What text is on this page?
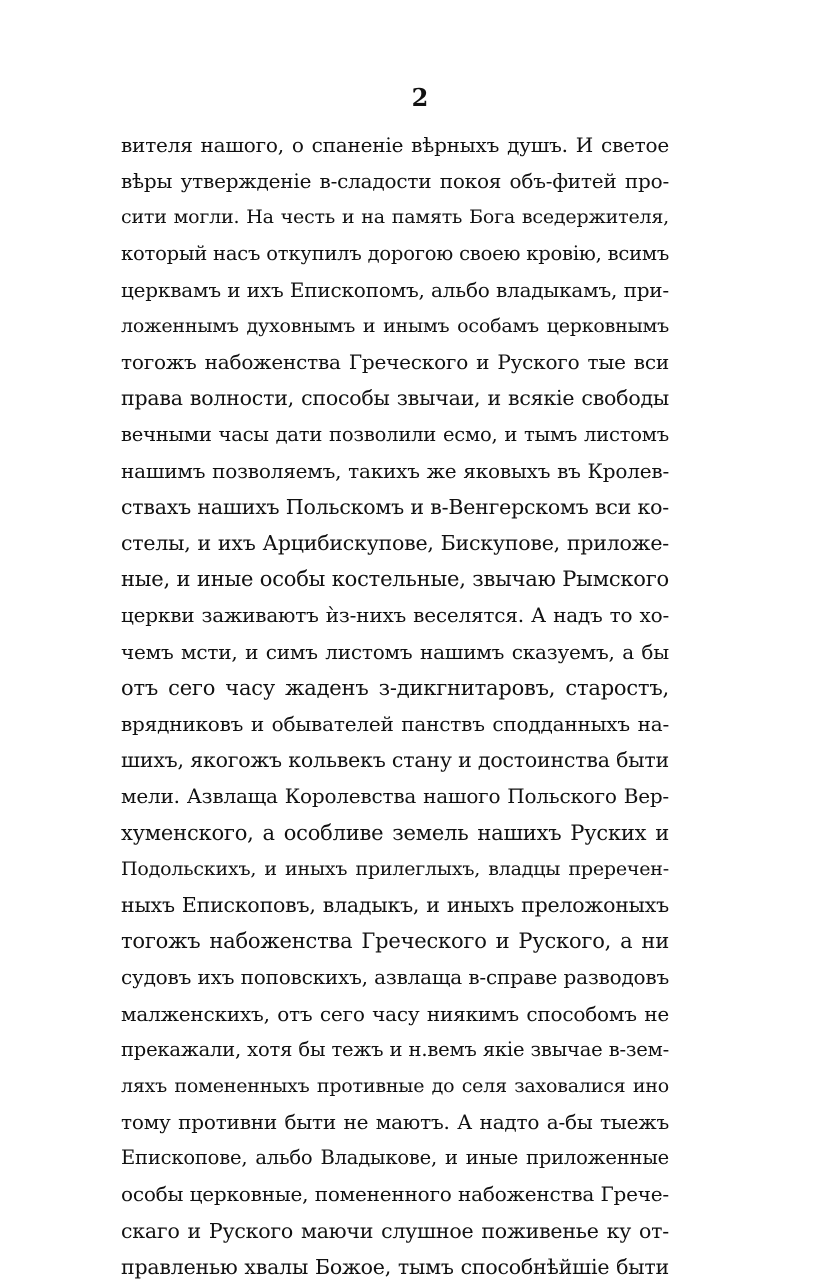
2
вителя нашого, о спаненіе вѣрныхъ душъ. И светое
вѣры утвержденіе в-сладости покоя объ-фитей про-
сити могли. На честь и на память Бога вседержителя,
который насъ откупилъ дорогою своею кровію, всимъ
церквамъ и ихъ Епископомъ, альбо владыкамъ, при-
ложеннымъ духовнымъ и инымъ особамъ церковнымъ
тогожъ набоженства Греческого и Руского тые вси
права волности, способы звычаи, и всякіе свободы
вечными часы дати позволили есмо, и тымъ листомъ
нашимъ позволяемъ, такихъ же яковыхъ въ Кролев-
ствахъ нашихъ Польскомъ и в-Венгерскомъ вси ко-
стелы, и ихъ Арцибискупове, Бискупове, приложе-
ные, и иные особы костельные, звычаю Рымского
церкви заживаютъ ѝз-нихъ веселятся. А надъ то хо-
чемъ мсти, и симъ листомъ нашимъ сказуемъ, а бы
отъ сего часу жаденъ з-дикгнитаровъ, старостъ,
врядниковъ и обывателей панствъ сподданныхъ на-
шихъ, якогожъ кольвекъ стану и достоинства быти
мели. Азвлаща Королевства нашого Польского Вер-
хуменского, а особливе земель нашихъ Руских и
Подольскихъ, и иныхъ прилеглыхъ, владцы преречен-
ныхъ Епископовъ, владыкъ, и иныхъ преложоныхъ
тогожъ набоженства Греческого и Руского, а ни
судовъ ихъ поповскихъ, азвлаща в-справе разводовъ
малженскихъ, отъ сего часу ниякимъ способомъ не
прекажали, хотя бы тежъ и н.вемъ якіе звычае в-зем-
ляхъ помененныхъ противные до селя заховалися ино
тому противни быти не маютъ. А надто а-бы тыежъ
Епископове, альбо Владыкове, и иные приложенные
особы церковные, помененного набоженства Грече-
скаго и Руского маючи слушное поживенье ку от-
правленью хвалы Божое, тымъ способнѣйшіе быти
